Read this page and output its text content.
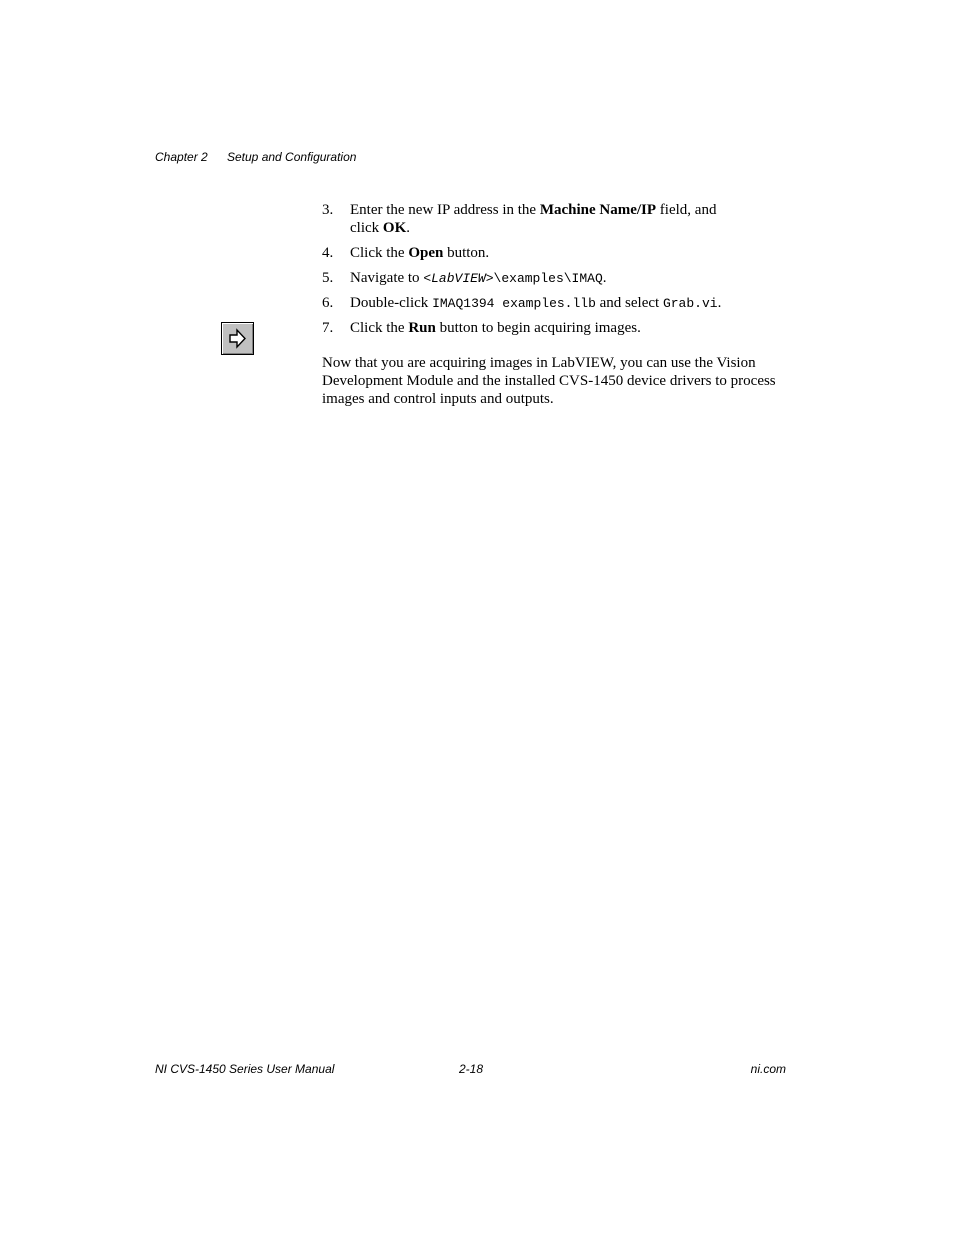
Chapter 2 Setup and Configuration
3. Enter the new IP address in the Machine Name/IP field, and
click OK.
4. Click the Open button.
5. Navigate to <LabVIEW>\examples\IMAQ.
6. Double-click IMAQ1394 examples.llb and select Grab.vi.
7. Click the Run button to begin acquiring images.
Now that you are acquiring images in LabVIEW, you can use the Vision
Development Module and the installed CVS-1450 device drivers to process
images and control inputs and outputs.
NI CVS-1450 Series User Manual	2-18	ni.com
